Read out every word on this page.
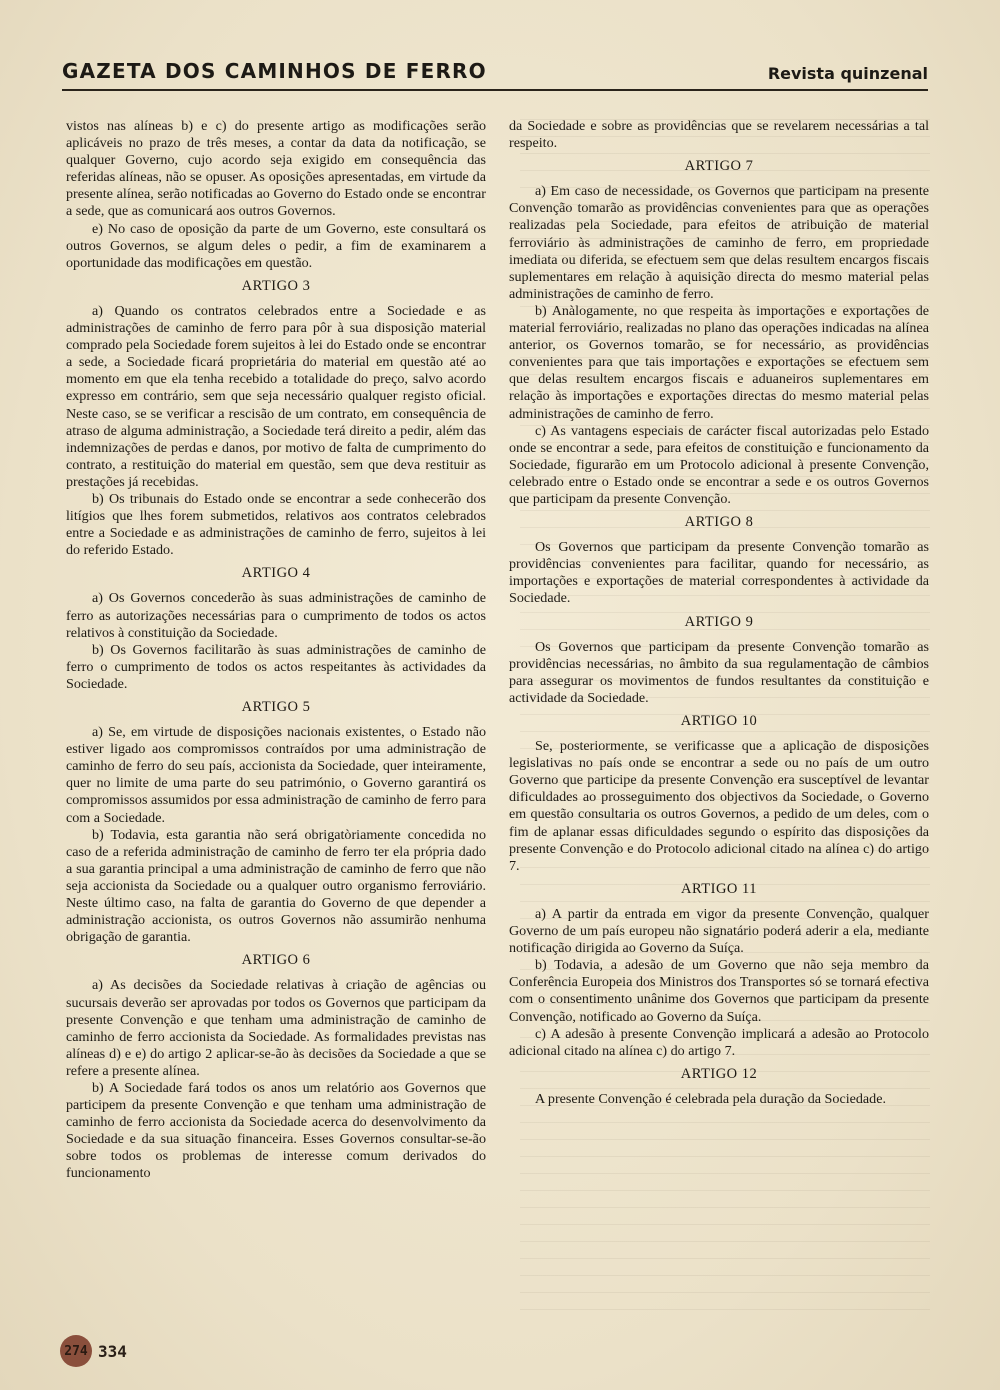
GAZETA DOS CAMINHOS DE FERRO	Revista quinzenal

vistos nas alíneas b) e c) do presente artigo as modificações serão aplicáveis no prazo de três meses, a contar da data da notificação, se qualquer Governo, cujo acordo seja exigido em consequência das referidas alíneas, não se opuser. As oposições apresentadas, em virtude da presente alínea, serão notificadas ao Governo do Estado onde se encontrar a sede, que as comunicará aos outros Governos.

e) No caso de oposição da parte de um Governo, este consultará os outros Governos, se algum deles o pedir, a fim de examinarem a oportunidade das modificações em questão.

ARTIGO 3

a) Quando os contratos celebrados entre a Sociedade e as administrações de caminho de ferro para pôr à sua disposição material comprado pela Sociedade forem sujeitos à lei do Estado onde se encontrar a sede, a Sociedade ficará proprietária do material em questão até ao momento em que ela tenha recebido a totalidade do preço, salvo acordo expresso em contrário, sem que seja necessário qualquer registo oficial. Neste caso, se se verificar a rescisão de um contrato, em consequência de atraso de alguma administração, a Sociedade terá direito a pedir, além das indemnizações de perdas e danos, por motivo de falta de cumprimento do contrato, a restituição do material em questão, sem que deva restituir as prestações já recebidas.

b) Os tribunais do Estado onde se encontrar a sede conhecerão dos litígios que lhes forem submetidos, relativos aos contratos celebrados entre a Sociedade e as administrações de caminho de ferro, sujeitos à lei do referido Estado.

ARTIGO 4

a) Os Governos concederão às suas administrações de caminho de ferro as autorizações necessárias para o cumprimento de todos os actos relativos à constituição da Sociedade.

b) Os Governos facilitarão às suas administrações de caminho de ferro o cumprimento de todos os actos respeitantes às actividades da Sociedade.

ARTIGO 5

a) Se, em virtude de disposições nacionais existentes, o Estado não estiver ligado aos compromissos contraídos por uma administração de caminho de ferro do seu país, accionista da Sociedade, quer inteiramente, quer no limite de uma parte do seu património, o Governo garantirá os compromissos assumidos por essa administração de caminho de ferro para com a Sociedade.

b) Todavia, esta garantia não será obrigatòriamente concedida no caso de a referida administração de caminho de ferro ter ela própria dado a sua garantia principal a uma administração de caminho de ferro que não seja accionista da Sociedade ou a qualquer outro organismo ferroviário. Neste último caso, na falta de garantia do Governo de que depender a administração accionista, os outros Governos não assumirão nenhuma obrigação de garantia.

ARTIGO 6

a) As decisões da Sociedade relativas à criação de agências ou sucursais deverão ser aprovadas por todos os Governos que participam da presente Convenção e que tenham uma administração de caminho de caminho de ferro accionista da Sociedade. As formalidades previstas nas alíneas d) e e) do artigo 2 aplicar-se-ão às decisões da Sociedade a que se refere a presente alínea.

b) A Sociedade fará todos os anos um relatório aos Governos que participem da presente Convenção e que tenham uma administração de caminho de ferro accionista da Sociedade acerca do desenvolvimento da Sociedade e da sua situação financeira. Esses Governos consultar-se-ão sobre todos os problemas de interesse comum derivados do funcionamento

da Sociedade e sobre as providências que se revelarem necessárias a tal respeito.

ARTIGO 7

a) Em caso de necessidade, os Governos que participam na presente Convenção tomarão as providências convenientes para que as operações realizadas pela Sociedade, para efeitos de atribuição de material ferroviário às administrações de caminho de ferro, em propriedade imediata ou diferida, se efectuem sem que delas resultem encargos fiscais suplementares em relação à aquisição directa do mesmo material pelas administrações de caminho de ferro.

b) Anàlogamente, no que respeita às importações e exportações de material ferroviário, realizadas no plano das operações indicadas na alínea anterior, os Governos tomarão, se for necessário, as providências convenientes para que tais importações e exportações se efectuem sem que delas resultem encargos fiscais e aduaneiros suplementares em relação às importações e exportações directas do mesmo material pelas administrações de caminho de ferro.

c) As vantagens especiais de carácter fiscal autorizadas pelo Estado onde se encontrar a sede, para efeitos de constituição e funcionamento da Sociedade, figurarão em um Protocolo adicional à presente Convenção, celebrado entre o Estado onde se encontrar a sede e os outros Governos que participam da presente Convenção.

ARTIGO 8

Os Governos que participam da presente Convenção tomarão as providências convenientes para facilitar, quando for necessário, as importações e exportações de material correspondentes à actividade da Sociedade.

ARTIGO 9

Os Governos que participam da presente Convenção tomarão as providências necessárias, no âmbito da sua regulamentação de câmbios para assegurar os movimentos de fundos resultantes da constituição e actividade da Sociedade.

ARTIGO 10

Se, posteriormente, se verificasse que a aplicação de disposições legislativas no país onde se encontrar a sede ou no país de um outro Governo que participe da presente Convenção era susceptível de levantar dificuldades ao prosseguimento dos objectivos da Sociedade, o Governo em questão consultaria os outros Governos, a pedido de um deles, com o fim de aplanar essas dificuldades segundo o espírito das disposições da presente Convenção e do Protocolo adicional citado na alínea c) do artigo 7.

ARTIGO 11

a) A partir da entrada em vigor da presente Convenção, qualquer Governo de um país europeu não signatário poderá aderir a ela, mediante notificação dirigida ao Governo da Suíça.

b) Todavia, a adesão de um Governo que não seja membro da Conferência Europeia dos Ministros dos Transportes só se tornará efectiva com o consentimento unânime dos Governos que participam da presente Convenção, notificado ao Governo da Suíça.

c) A adesão à presente Convenção implicará a adesão ao Protocolo adicional citado na alínea c) do artigo 7.

ARTIGO 12

A presente Convenção é celebrada pela duração da Sociedade.

274 334
